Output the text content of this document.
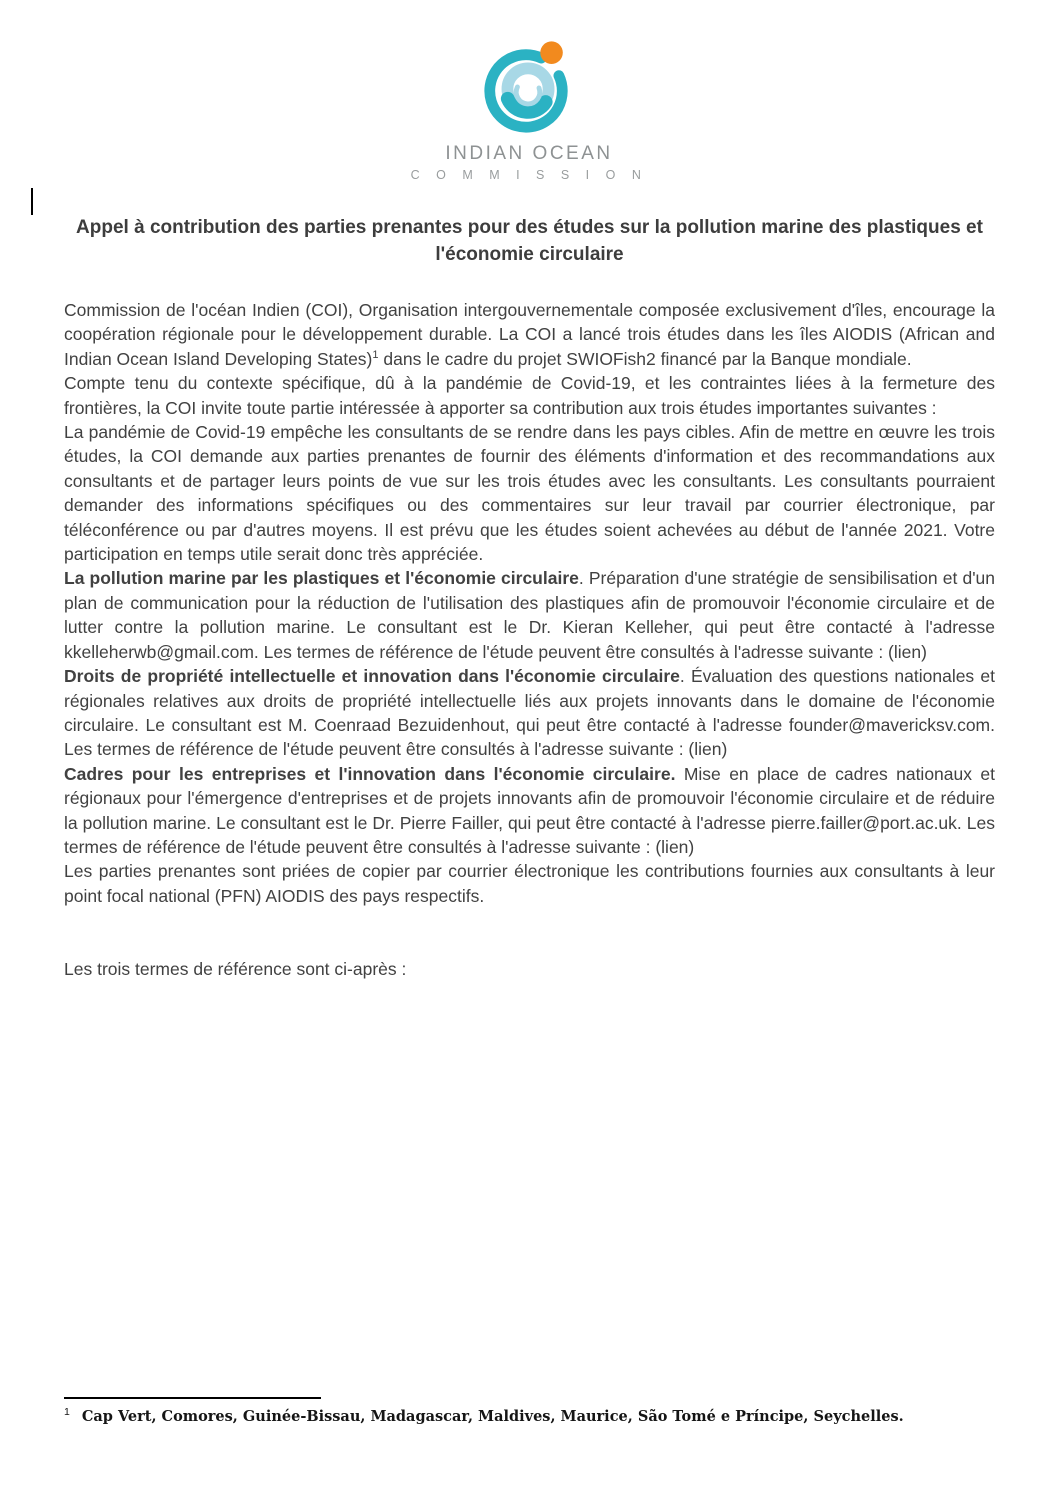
INDIAN OCEAN
C O M M I S S I O N
Appel à contribution des parties prenantes pour des études sur la pollution marine des plastiques et l'économie circulaire

Commission de l'océan Indien (COI), Organisation intergouvernementale composée exclusivement d'îles, encourage la coopération régionale pour le développement durable. La COI a lancé trois études dans les îles AIODIS (African and Indian Ocean Island Developing States)$^1$ dans le cadre du projet SWIOFish2 financé par la Banque mondiale.

Compte tenu du contexte spécifique, dû à la pandémie de Covid-19, et les contraintes liées à la fermeture des frontières, la COI invite toute partie intéressée à apporter sa contribution aux trois études importantes suivantes :

La pandémie de Covid-19 empêche les consultants de se rendre dans les pays cibles. Afin de mettre en œuvre les trois études, la COI demande aux parties prenantes de fournir des éléments d'information et des recommandations aux consultants et de partager leurs points de vue sur les trois études avec les consultants. Les consultants pourraient demander des informations spécifiques ou des commentaires sur leur travail par courrier électronique, par téléconférence ou par d'autres moyens. Il est prévu que les études soient achevées au début de l'année 2021. Votre participation en temps utile serait donc très appréciée.

La pollution marine par les plastiques et l'économie circulaire. Préparation d'une stratégie de sensibilisation et d'un plan de communication pour la réduction de l'utilisation des plastiques afin de promouvoir l'économie circulaire et de lutter contre la pollution marine. Le consultant est le Dr. Kieran Kelleher, qui peut être contacté à l'adresse kkelleherwb@gmail.com. Les termes de référence de l'étude peuvent être consultés à l'adresse suivante : (lien)

Droits de propriété intellectuelle et innovation dans l'économie circulaire. Évaluation des questions nationales et régionales relatives aux droits de propriété intellectuelle liés aux projets innovants dans le domaine de l'économie circulaire. Le consultant est M. Coenraad Bezuidenhout, qui peut être contacté à l'adresse founder@mavericksv.com. Les termes de référence de l'étude peuvent être consultés à l'adresse suivante : (lien)

Cadres pour les entreprises et l'innovation dans l'économie circulaire. Mise en place de cadres nationaux et régionaux pour l'émergence d'entreprises et de projets innovants afin de promouvoir l'économie circulaire et de réduire la pollution marine. Le consultant est le Dr. Pierre Failler, qui peut être contacté à l'adresse pierre.failler@port.ac.uk. Les termes de référence de l'étude peuvent être consultés à l'adresse suivante : (lien)

Les parties prenantes sont priées de copier par courrier électronique les contributions fournies aux consultants à leur point focal national (PFN) AIODIS des pays respectifs.

Les trois termes de référence sont ci-après :

$^1$ Cap Vert, Comores, Guinée-Bissau, Madagascar, Maldives, Maurice, São Tomé e Príncipe, Seychelles.
